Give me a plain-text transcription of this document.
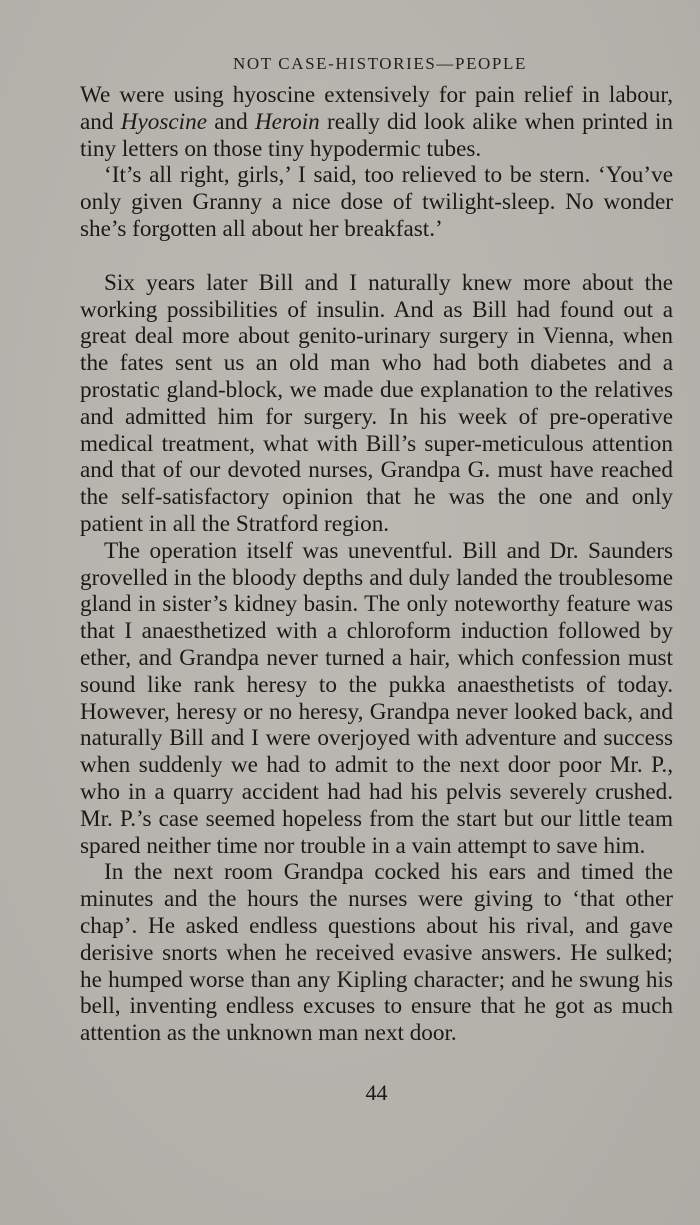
NOT CASE-HISTORIES—PEOPLE

We were using hyoscine extensively for pain relief in labour, and Hyoscine and Heroin really did look alike when printed in tiny letters on those tiny hypodermic tubes.

‘It’s all right, girls,’ I said, too relieved to be stern. ‘You’ve only given Granny a nice dose of twilight-sleep. No wonder she’s forgotten all about her breakfast.’

Six years later Bill and I naturally knew more about the working possibilities of insulin. And as Bill had found out a great deal more about genito-urinary surgery in Vienna, when the fates sent us an old man who had both diabetes and a prostatic gland-block, we made due explanation to the relatives and admitted him for surgery. In his week of pre-operative medical treatment, what with Bill’s super-meticulous attention and that of our devoted nurses, Grandpa G. must have reached the self-satisfactory opinion that he was the one and only patient in all the Stratford region.

The operation itself was uneventful. Bill and Dr. Saunders grovelled in the bloody depths and duly landed the troublesome gland in sister’s kidney basin. The only noteworthy feature was that I anaesthetized with a chloroform induction followed by ether, and Grandpa never turned a hair, which confession must sound like rank heresy to the pukka anaesthetists of today. However, heresy or no heresy, Grandpa never looked back, and naturally Bill and I were overjoyed with adventure and success when suddenly we had to admit to the next door poor Mr. P., who in a quarry accident had had his pelvis severely crushed. Mr. P.’s case seemed hopeless from the start but our little team spared neither time nor trouble in a vain attempt to save him.

In the next room Grandpa cocked his ears and timed the minutes and the hours the nurses were giving to ‘that other chap’. He asked endless questions about his rival, and gave derisive snorts when he received evasive answers. He sulked; he humped worse than any Kipling character; and he swung his bell, inventing endless excuses to ensure that he got as much attention as the unknown man next door.

44
